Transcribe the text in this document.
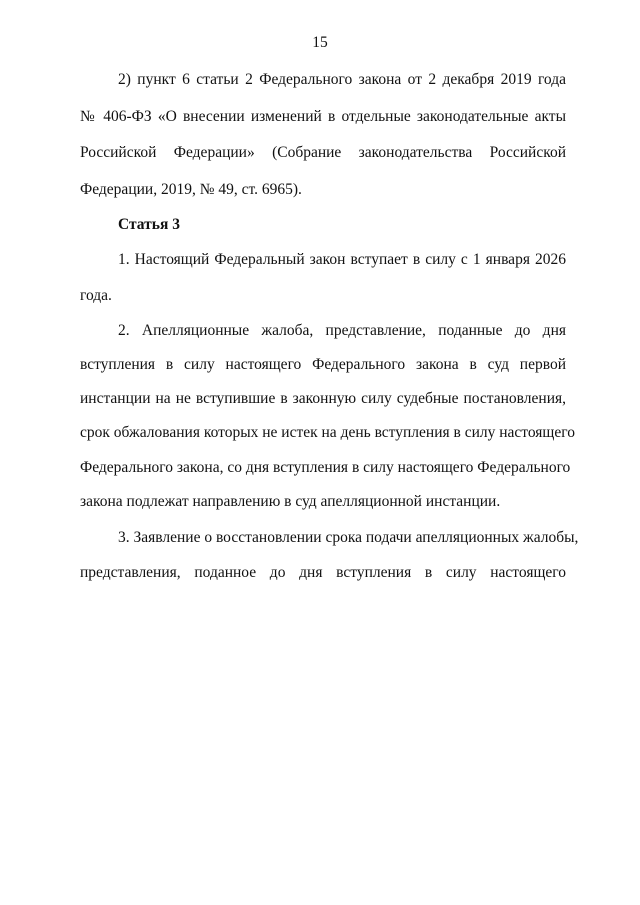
15
2) пункт 6 статьи 2 Федерального закона от 2 декабря 2019 года
№ 406-ФЗ «О внесении изменений в отдельные законодательные акты
Российской Федерации» (Собрание законодательства Российской
Федерации, 2019, № 49, ст. 6965).
Статья 3
1. Настоящий Федеральный закон вступает в силу с 1 января 2026
года.
2. Апелляционные жалоба, представление, поданные до дня
вступления в силу настоящего Федерального закона в суд первой
инстанции на не вступившие в законную силу судебные постановления,
срок обжалования которых не истек на день вступления в силу настоящего
Федерального закона, со дня вступления в силу настоящего Федерального
закона подлежат направлению в суд апелляционной инстанции.
3. Заявление о восстановлении срока подачи апелляционных жалобы,
представления, поданное до дня вступления в силу настоящего
